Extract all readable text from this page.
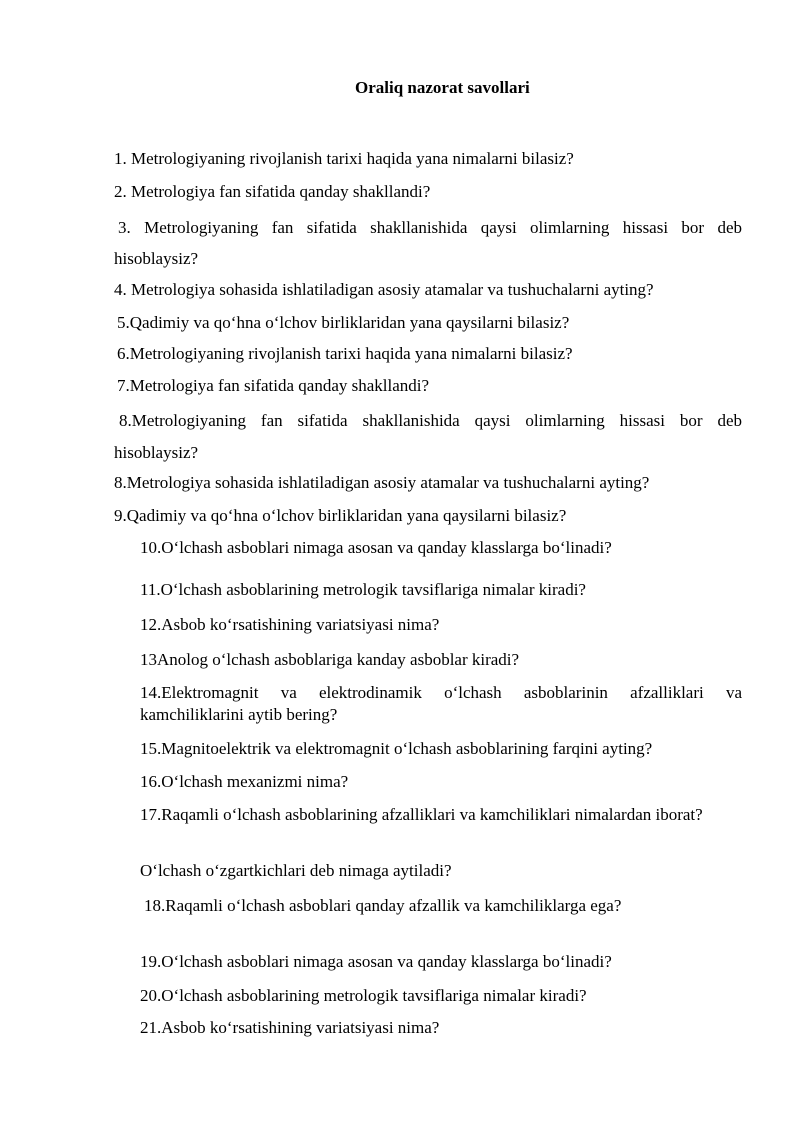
Oraliq nazorat savollari
1. Metrologiyaning rivojlanish tarixi haqida yana nimalarni bilasiz?
2. Metrologiya fan sifatida qanday shakllandi?
3. Metrologiyaning fan sifatida shakllanishida qaysi olimlarning hissasi bor deb hisoblaysiz?
4. Metrologiya sohasida ishlatiladigan asosiy atamalar va tushuchalarni ayting?
5.Qadimiy va qo‘hna o‘lchov birliklaridan yana qaysilarni bilasiz?
6.Metrologiyaning rivojlanish tarixi haqida yana nimalarni bilasiz?
7.Metrologiya fan sifatida qanday shakllandi?
8.Metrologiyaning fan sifatida shakllanishida qaysi olimlarning hissasi bor deb hisoblaysiz?
8.Metrologiya sohasida ishlatiladigan asosiy atamalar va tushuchalarni ayting?
9.Qadimiy va qo‘hna o‘lchov birliklaridan yana qaysilarni bilasiz?
10.O‘lchash asboblari nimaga asosan va qanday klasslarga bo‘linadi?
11.O‘lchash asboblarining metrologik tavsiflariga nimalar kiradi?
12.Asbob ko‘rsatishining variatsiyasi nima?
13Anolog o‘lchash asboblariga kanday asboblar kiradi?
14.Elektromagnit va elektrodinamik o‘lchash asboblarinin afzalliklari va kamchiliklarini aytib bering?
15.Magnitoelektrik va elektromagnit o‘lchash asboblarining farqini ayting?
16.O‘lchash mexanizmi nima?
17.Raqamli o‘lchash asboblarining afzalliklari va kamchiliklari nimalardan iborat?
O‘lchash o‘zgartkichlari deb nimaga aytiladi?
18.Raqamli o‘lchash asboblari qanday afzallik va kamchiliklarga ega?
19.O‘lchash asboblari nimaga asosan va qanday klasslarga bo‘linadi?
20.O‘lchash asboblarining metrologik tavsiflariga nimalar kiradi?
21.Asbob ko‘rsatishining variatsiyasi nima?
